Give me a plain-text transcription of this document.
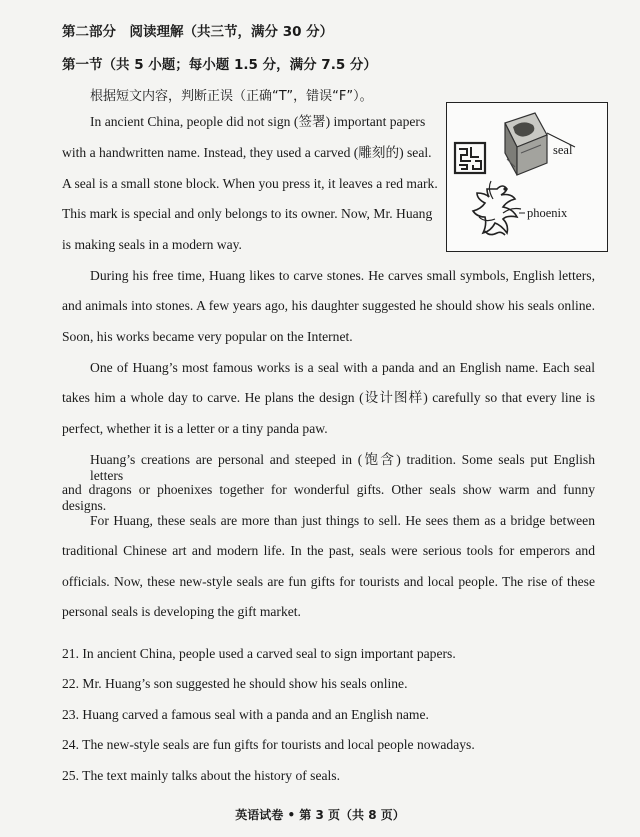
第二部分　阅读理解（共三节，满分 30 分）
第一节（共 5 小题；每小题 1.5 分，满分 7.5 分）
根据短文内容，判断正误（正确“T”，错误“F”）。
In ancient China, people did not sign (签署) important papers
with a handwritten name. Instead, they used a carved (雕刻的) seal.
A seal is a small stone block. When you press it, it leaves a red mark.
This mark is special and only belongs to its owner. Now, Mr. Huang
is making seals in a modern way.
seal
phoenix
During his free time, Huang likes to carve stones. He carves small symbols, English letters,
and animals into stones. A few years ago, his daughter suggested he should show his seals online.
Soon, his works became very popular on the Internet.
One of Huang’s most famous works is a seal with a panda and an English name. Each seal
takes him a whole day to carve. He plans the design (设计图样) carefully so that every line is
perfect, whether it is a letter or a tiny panda paw.
Huang’s creations are personal and steeped in (饱含) tradition. Some seals put English letters
and dragons or phoenixes together for wonderful gifts. Other seals show warm and funny designs.
For Huang, these seals are more than just things to sell. He sees them as a bridge between
traditional Chinese art and modern life. In the past, seals were serious tools for emperors and
officials. Now, these new-style seals are fun gifts for tourists and local people. The rise of these
personal seals is developing the gift market.
21. In ancient China, people used a carved seal to sign important papers.
22. Mr. Huang’s son suggested he should show his seals online.
23. Huang carved a famous seal with a panda and an English name.
24. The new-style seals are fun gifts for tourists and local people nowadays.
25. The text mainly talks about the history of seals.
英语试卷 • 第 3 页（共 8 页）
